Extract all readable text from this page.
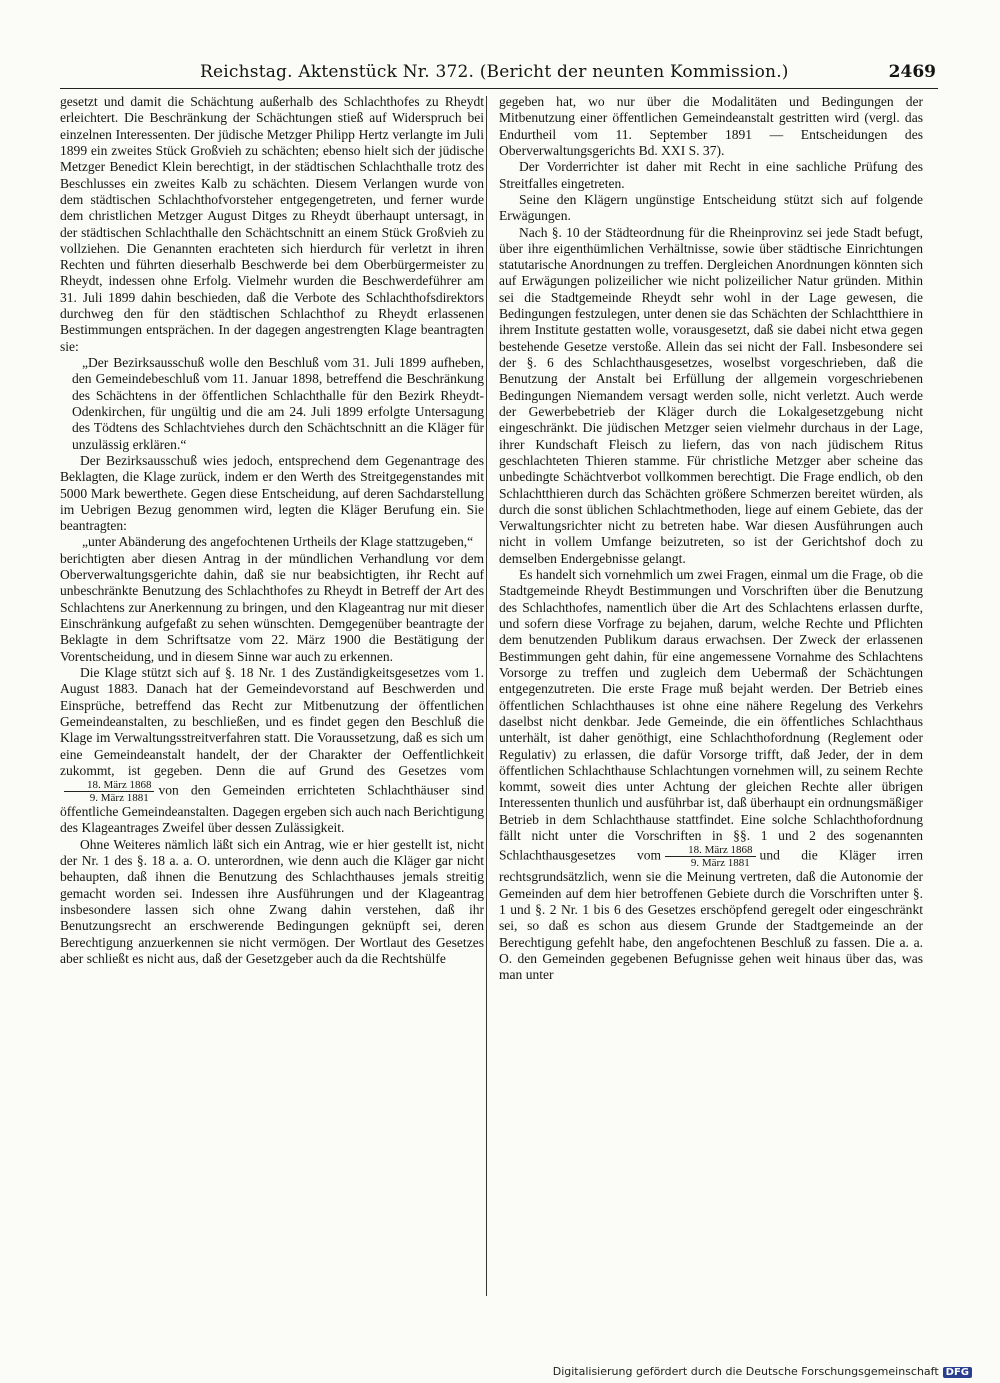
Reichstag. Aktenstück Nr. 372. (Bericht der neunten Kommission.)	2469

gesetzt und damit die Schächtung außerhalb des Schlachthofes zu Rheydt erleichtert. Die Beschränkung der Schächtungen stieß auf Widerspruch bei einzelnen Interessenten. Der jüdische Metzger Philipp Hertz verlangte im Juli 1899 ein zweites Stück Großvieh zu schächten; ebenso hielt sich der jüdische Metzger Benedict Klein berechtigt, in der städtischen Schlachthalle trotz des Beschlusses ein zweites Kalb zu schächten. Diesem Verlangen wurde von dem städtischen Schlachthofvorsteher entgegengetreten, und ferner wurde dem christlichen Metzger August Ditges zu Rheydt überhaupt untersagt, in der städtischen Schlachthalle den Schächtschnitt an einem Stück Großvieh zu vollziehen. Die Genannten erachteten sich hierdurch für verletzt in ihren Rechten und führten dieserhalb Beschwerde bei dem Oberbürgermeister zu Rheydt, indessen ohne Erfolg. Vielmehr wurden die Beschwerdeführer am 31. Juli 1899 dahin beschieden, daß die Verbote des Schlachthofsdirektors durchweg den für den städtischen Schlachthof zu Rheydt erlassenen Bestimmungen entsprächen. In der dagegen angestrengten Klage beantragten sie:

„Der Bezirksausschuß wolle den Beschluß vom 31. Juli 1899 aufheben, den Gemeindebeschluß vom 11. Januar 1898, betreffend die Beschränkung des Schächtens in der öffentlichen Schlachthalle für den Bezirk Rheydt-Odenkirchen, für ungültig und die am 24. Juli 1899 erfolgte Untersagung des Tödtens des Schlachtviehes durch den Schächtschnitt an die Kläger für unzulässig erklären.“

Der Bezirksausschuß wies jedoch, entsprechend dem Gegenantrage des Beklagten, die Klage zurück, indem er den Werth des Streitgegenstandes mit 5000 Mark bewerthete. Gegen diese Entscheidung, auf deren Sachdarstellung im Uebrigen Bezug genommen wird, legten die Kläger Berufung ein. Sie beantragten:

„unter Abänderung des angefochtenen Urtheils der Klage stattzugeben,“

berichtigten aber diesen Antrag in der mündlichen Verhandlung vor dem Oberverwaltungsgerichte dahin, daß sie nur beabsichtigten, ihr Recht auf unbeschränkte Benutzung des Schlachthofes zu Rheydt in Betreff der Art des Schlachtens zur Anerkennung zu bringen, und den Klageantrag nur mit dieser Einschränkung aufgefaßt zu sehen wünschten. Demgegenüber beantragte der Beklagte in dem Schriftsatze vom 22. März 1900 die Bestätigung der Vorentscheidung, und in diesem Sinne war auch zu erkennen.

Die Klage stützt sich auf §. 18 Nr. 1 des Zuständigkeitsgesetzes vom 1. August 1883. Danach hat der Gemeindevorstand auf Beschwerden und Einsprüche, betreffend das Recht zur Mitbenutzung der öffentlichen Gemeindeanstalten, zu beschließen, und es findet gegen den Beschluß die Klage im Verwaltungsstreitverfahren statt. Die Voraussetzung, daß es sich um eine Gemeindeanstalt handelt, der der Charakter der Oeffentlichkeit zukommt, ist gegeben. Denn die auf Grund des Gesetzes vom
$\frac{\text{18. März 1868}}{\text{9. März 1881}}$ von den Gemeinden errichteten Schlachthäuser sind öffentliche Gemeindeanstalten. Dagegen ergeben sich auch nach Berichtigung des Klageantrages Zweifel über dessen Zulässigkeit.

Ohne Weiteres nämlich läßt sich ein Antrag, wie er hier gestellt ist, nicht der Nr. 1 des §. 18 a. a. O. unterordnen, wie denn auch die Kläger gar nicht behaupten, daß ihnen die Benutzung des Schlachthauses jemals streitig gemacht worden sei. Indessen ihre Ausführungen und der Klageantrag insbesondere lassen sich ohne Zwang dahin verstehen, daß ihr Benutzungsrecht an erschwerende Bedingungen geknüpft sei, deren Berechtigung anzuerkennen sie nicht vermögen. Der Wortlaut des Gesetzes aber schließt es nicht aus, daß der Gesetzgeber auch da die Rechtshülfe

gegeben hat, wo nur über die Modalitäten und Bedingungen der Mitbenutzung einer öffentlichen Gemeindeanstalt gestritten wird (vergl. das Endurtheil vom 11. September 1891 — Entscheidungen des Oberverwaltungsgerichts Bd. XXI S. 37).

Der Vorderrichter ist daher mit Recht in eine sachliche Prüfung des Streitfalles eingetreten.

Seine den Klägern ungünstige Entscheidung stützt sich auf folgende Erwägungen.

Nach §. 10 der Städteordnung für die Rheinprovinz sei jede Stadt befugt, über ihre eigenthümlichen Verhältnisse, sowie über städtische Einrichtungen statutarische Anordnungen zu treffen. Dergleichen Anordnungen könnten sich auf Erwägungen polizeilicher wie nicht polizeilicher Natur gründen. Mithin sei die Stadtgemeinde Rheydt sehr wohl in der Lage gewesen, die Bedingungen festzulegen, unter denen sie das Schächten der Schlachtthiere in ihrem Institute gestatten wolle, vorausgesetzt, daß sie dabei nicht etwa gegen bestehende Gesetze verstoße. Allein das sei nicht der Fall. Insbesondere sei der §. 6 des Schlachthausgesetzes, woselbst vorgeschrieben, daß die Benutzung der Anstalt bei Erfüllung der allgemein vorgeschriebenen Bedingungen Niemandem versagt werden solle, nicht verletzt. Auch werde der Gewerbebetrieb der Kläger durch die Lokalgesetzgebung nicht eingeschränkt. Die jüdischen Metzger seien vielmehr durchaus in der Lage, ihrer Kundschaft Fleisch zu liefern, das von nach jüdischem Ritus geschlachteten Thieren stamme. Für christliche Metzger aber scheine das unbedingte Schächtverbot vollkommen berechtigt. Die Frage endlich, ob den Schlachtthieren durch das Schächten größere Schmerzen bereitet würden, als durch die sonst üblichen Schlachtmethoden, liege auf einem Gebiete, das der Verwaltungsrichter nicht zu betreten habe. War diesen Ausführungen auch nicht in vollem Umfange beizutreten, so ist der Gerichtshof doch zu demselben Endergebnisse gelangt.

Es handelt sich vornehmlich um zwei Fragen, einmal um die Frage, ob die Stadtgemeinde Rheydt Bestimmungen und Vorschriften über die Benutzung des Schlachthofes, namentlich über die Art des Schlachtens erlassen durfte, und sofern diese Vorfrage zu bejahen, darum, welche Rechte und Pflichten dem benutzenden Publikum daraus erwachsen. Der Zweck der erlassenen Bestimmungen geht dahin, für eine angemessene Vornahme des Schlachtens Vorsorge zu treffen und zugleich dem Uebermaß der Schächtungen entgegenzutreten. Die erste Frage muß bejaht werden. Der Betrieb eines öffentlichen Schlachthauses ist ohne eine nähere Regelung des Verkehrs daselbst nicht denkbar. Jede Gemeinde, die ein öffentliches Schlachthaus unterhält, ist daher genöthigt, eine Schlachthofordnung (Reglement oder Regulativ) zu erlassen, die dafür Vorsorge trifft, daß Jeder, der in dem öffentlichen Schlachthause Schlachtungen vornehmen will, zu seinem Rechte kommt, soweit dies unter Achtung der gleichen Rechte aller übrigen Interessenten thunlich und ausführbar ist, daß überhaupt ein ordnungsmäßiger Betrieb in dem Schlachthause stattfindet. Eine solche Schlachthofordnung fällt nicht unter die Vorschriften in §§. 1 und 2 des sogenannten Schlachthausgesetzes vom $\frac{\text{18. März 1868}}{\text{9. März 1881}}$ und die Kläger irren rechtsgrundsätzlich, wenn sie die Meinung vertreten, daß die Autonomie der Gemeinden auf dem hier betroffenen Gebiete durch die Vorschriften unter §. 1 und §. 2 Nr. 1 bis 6 des Gesetzes erschöpfend geregelt oder eingeschränkt sei, so daß es schon aus diesem Grunde der Stadtgemeinde an der Berechtigung gefehlt habe, den angefochtenen Beschluß zu fassen. Die a. a. O. den Gemeinden gegebenen Befugnisse gehen weit hinaus über das, was man unter

Digitalisierung gefördert durch die Deutsche Forschungsgemeinschaft DFG
